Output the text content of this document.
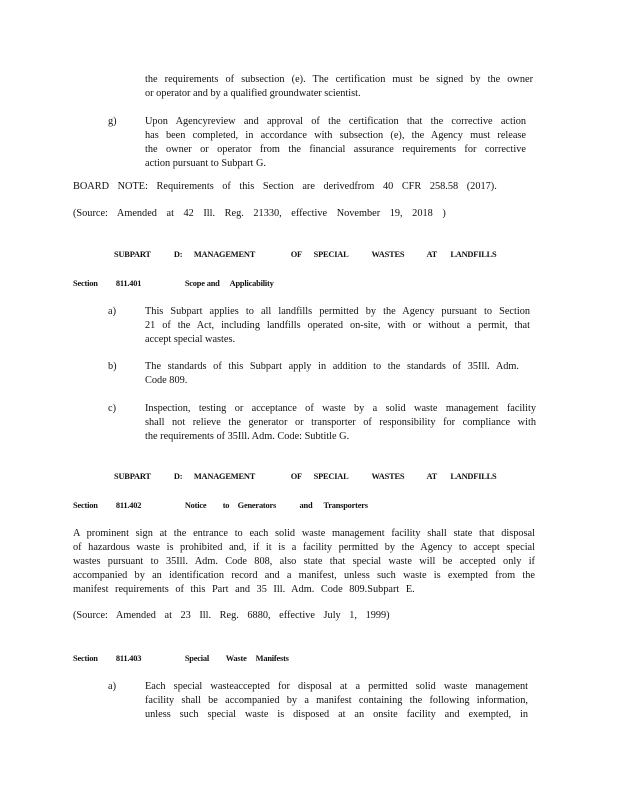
the requirements of subsection (e). The certification must be signed by the owner
or operator and by a qualified groundwater scientist.
g)	Upon Agencyreview and approval of the certification that the corrective action
has been completed, in accordance with subsection (e), the Agency must release
the owner or operator from the financial assurance requirements for corrective
action pursuant to Subpart G.
BOARD NOTE: Requirements of this Section are derivedfrom 40 CFR 258.58 (2017).
(Source: Amended at 42 Ill. Reg. 21330, effective November 19, 2018 )
SUBPART	D: MANAGEMENT	OF SPECIAL	WASTES	AT LANDFILLS
Section 811.401	Scope and Applicability
a)	This Subpart applies to all landfills permitted by the Agency pursuant to Section
21 of the Act, including landfills operated on-site, with or without a permit, that
accept special wastes.
b)	The standards of this Subpart apply in addition to the standards of 35Ill. Adm.
Code 809.
c)	Inspection, testing or acceptance of waste by a solid waste management facility
shall not relieve the generator or transporter of responsibility for compliance with
the requirements of 35Ill. Adm. Code: Subtitle G.
SUBPART	D: MANAGEMENT	OF SPECIAL	WASTES	AT LANDFILLS
Section 811.402	Notice to Generators	and Transporters
A prominent sign at the entrance to each solid waste management facility shall state that disposal
of hazardous waste is prohibited and, if it is a facility permitted by the Agency to accept special
wastes pursuant to 35Ill. Adm. Code 808, also state that special waste will be accepted only if
accompanied by an identification record and a manifest, unless such waste is exempted from the
manifest requirements of this Part and 35 Ill. Adm. Code 809.Subpart E.
(Source: Amended at 23 Ill. Reg. 6880, effective July 1, 1999)
Section 811.403	Special Waste Manifests
a)	Each special wasteaccepted for disposal at a permitted solid waste management
facility shall be accompanied by a manifest containing the following information,
unless such special waste is disposed at an onsite facility and exempted, in
